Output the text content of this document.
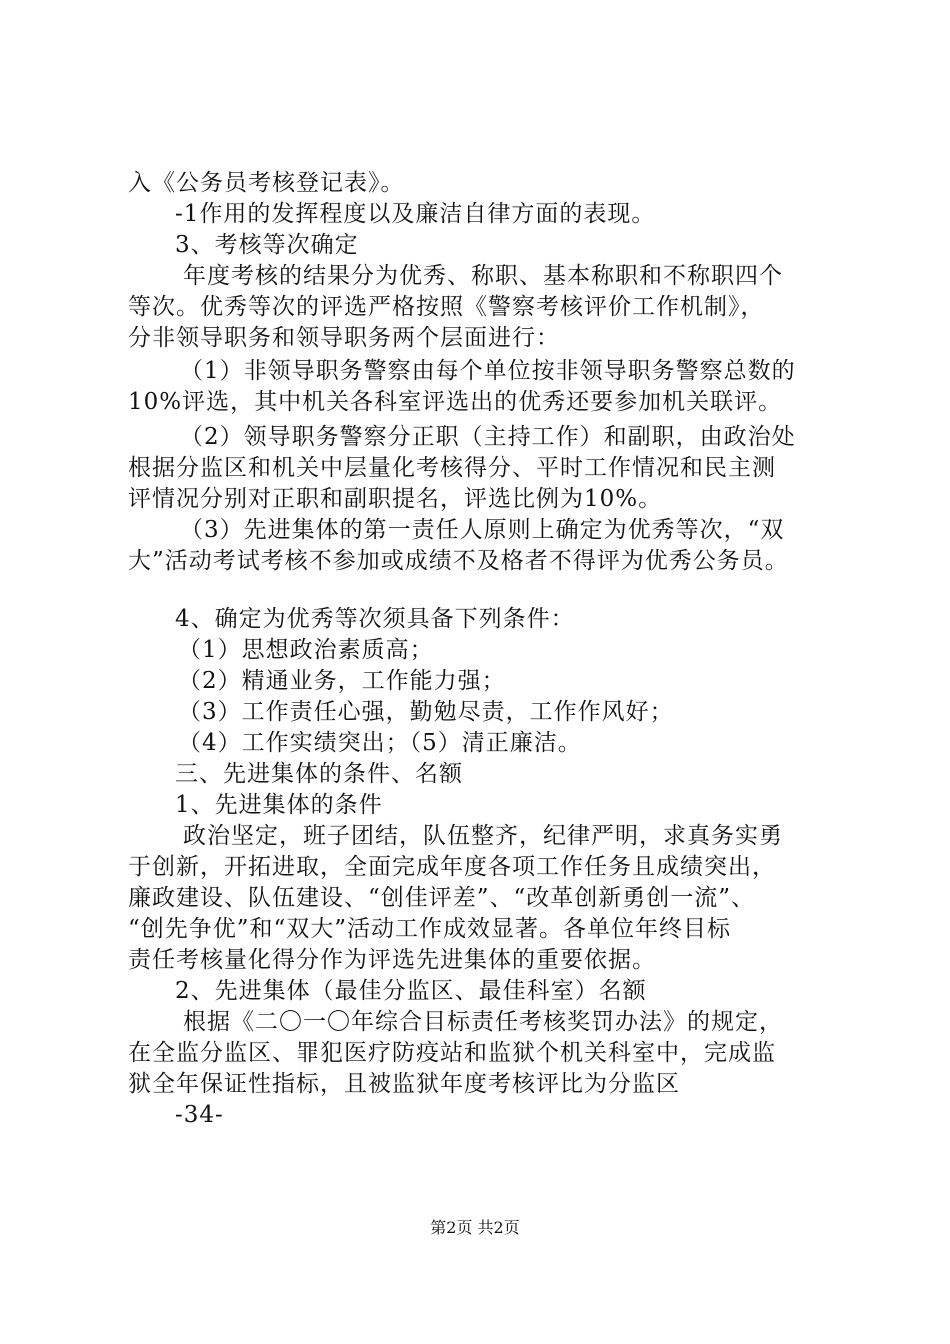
入《公务员考核登记表》。

-1作用的发挥程度以及廉洁自律方面的表现。

3、考核等次确定

年度考核的结果分为优秀、称职、基本称职和不称职四个

等次。优秀等次的评选严格按照《警察考核评价工作机制》，

分非领导职务和领导职务两个层面进行：

（1）非领导职务警察由每个单位按非领导职务警察总数的

10%评选，其中机关各科室评选出的优秀还要参加机关联评。

（2）领导职务警察分正职（主持工作）和副职，由政治处

根据分监区和机关中层量化考核得分、平时工作情况和民主测

评情况分别对正职和副职提名，评选比例为10%。

（3）先进集体的第一责任人原则上确定为优秀等次，“双

大”活动考试考核不参加或成绩不及格者不得评为优秀公务员。

4、确定为优秀等次须具备下列条件：

（1）思想政治素质高；

（2）精通业务，工作能力强；

（3）工作责任心强，勤勉尽责，工作作风好；

（4）工作实绩突出；（5）清正廉洁。

三、先进集体的条件、名额

1、先进集体的条件

政治坚定，班子团结，队伍整齐，纪律严明，求真务实勇

于创新，开拓进取，全面完成年度各项工作任务且成绩突出，

廉政建设、队伍建设、“创佳评差”、“改革创新勇创一流”、

“创先争优”和“双大”活动工作成效显著。各单位年终目标

责任考核量化得分作为评选先进集体的重要依据。

2、先进集体（最佳分监区、最佳科室）名额

根据《二〇一〇年综合目标责任考核奖罚办法》的规定，

在全监分监区、罪犯医疗防疫站和监狱个机关科室中，完成监

狱全年保证性指标，且被监狱年度考核评比为分监区

-34-

第2页 共2页
